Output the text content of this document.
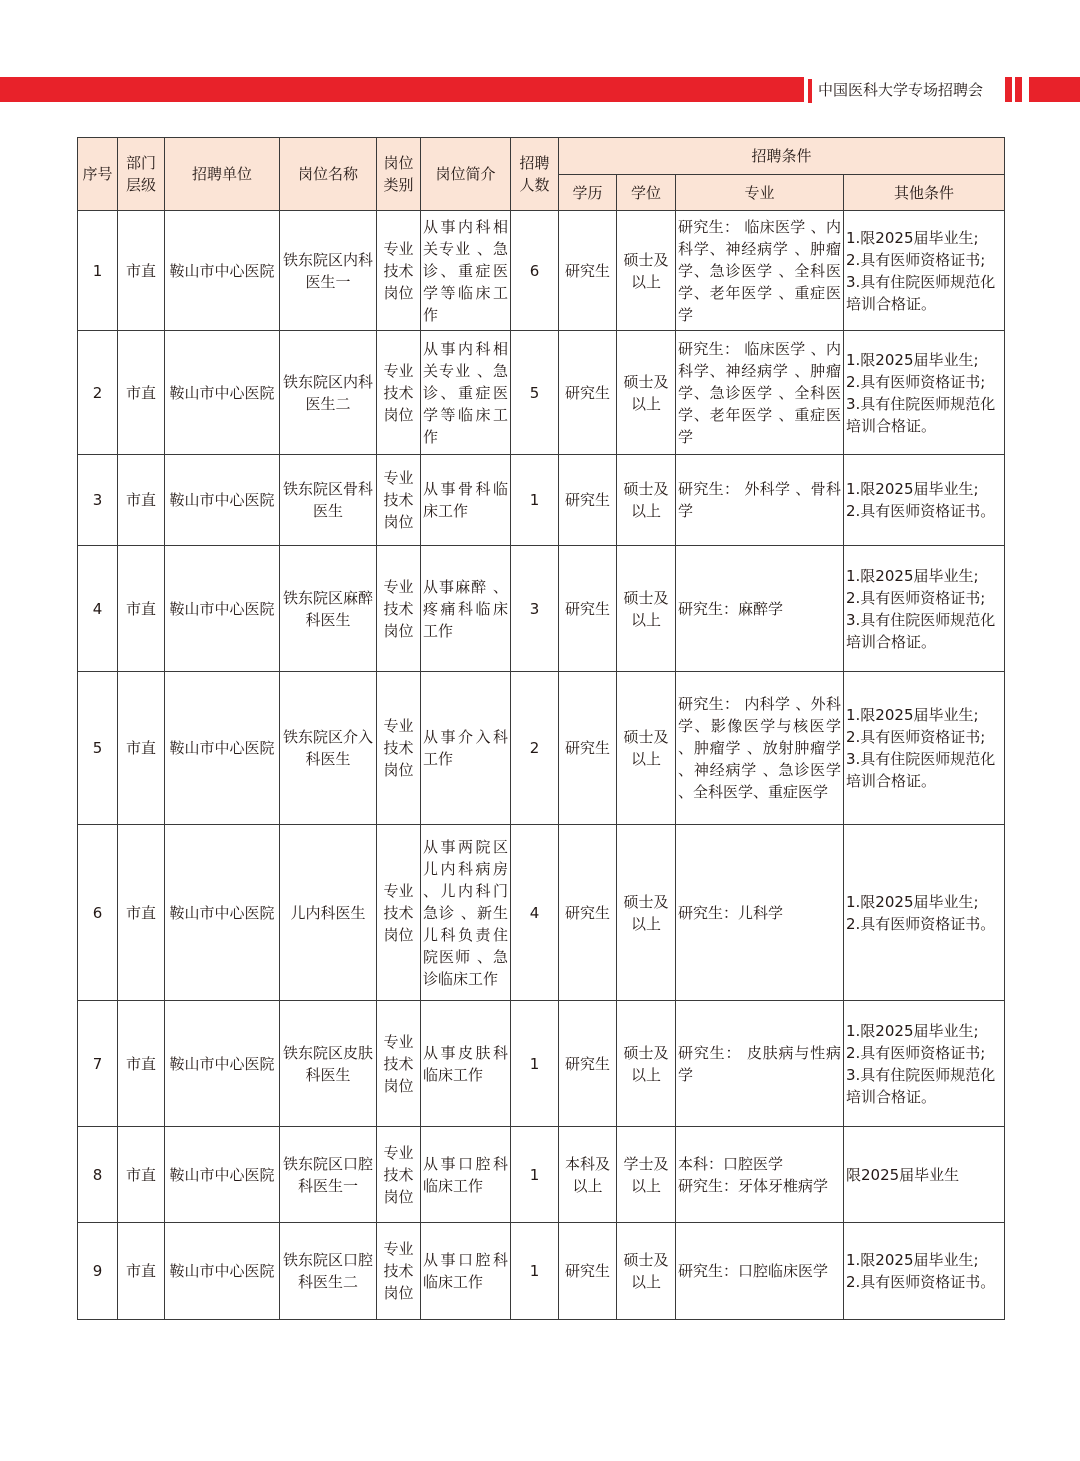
中国医科大学专场招聘会
序号	部门层级	招聘单位	岗位名称	岗位类别	岗位简介	招聘人数	招聘条件			
							学历	学位	专业	其他条件
1	市直	鞍山市中心医院	铁东院区内科医生一	专业技术岗位	从事内科相关专业 、急诊、重症医学等临床工作	6	研究生	硕士及以上	研究生： 临床医学 、内科学、神经病学 、肿瘤学、急诊医学 、全科医学、老年医学 、重症医学	1.限2025届毕业生;
2.具有医师资格证书;
3.具有住院医师规范化培训合格证。
2	市直	鞍山市中心医院	铁东院区内科医生二	专业技术岗位	从事内科相关专业 、急诊、重症医学等临床工作	5	研究生	硕士及以上	研究生： 临床医学 、内科学、神经病学 、肿瘤学、急诊医学 、全科医学、老年医学 、重症医学	1.限2025届毕业生;
2.具有医师资格证书;
3.具有住院医师规范化培训合格证。
3	市直	鞍山市中心医院	铁东院区骨科医生	专业技术岗位	从事骨科临床工作	1	研究生	硕士及以上	研究生： 外科学 、骨科学	1.限2025届毕业生;
2.具有医师资格证书。
4	市直	鞍山市中心医院	铁东院区麻醉科医生	专业技术岗位	从事麻醉 、疼痛科临床工作	3	研究生	硕士及以上	研究生：麻醉学	1.限2025届毕业生;
2.具有医师资格证书;
3.具有住院医师规范化培训合格证。
5	市直	鞍山市中心医院	铁东院区介入科医生	专业技术岗位	从事介入科工作	2	研究生	硕士及以上	研究生： 内科学 、外科学、影像医学与核医学 、肿瘤学 、放射肿瘤学 、神经病学 、急诊医学 、全科医学、重症医学	1.限2025届毕业生;
2.具有医师资格证书;
3.具有住院医师规范化培训合格证。
6	市直	鞍山市中心医院	儿内科医生	专业技术岗位	从事两院区儿内科病房 、儿内科门急诊 、新生儿科负责住院医师 、急诊临床工作	4	研究生	硕士及以上	研究生：儿科学	1.限2025届毕业生;
2.具有医师资格证书。
7	市直	鞍山市中心医院	铁东院区皮肤科医生	专业技术岗位	从事皮肤科临床工作	1	研究生	硕士及以上	研究生： 皮肤病与性病学	1.限2025届毕业生;
2.具有医师资格证书;
3.具有住院医师规范化培训合格证。
8	市直	鞍山市中心医院	铁东院区口腔科医生一	专业技术岗位	从事口腔科临床工作	1	本科及以上	学士及以上	本科：口腔医学
研究生：牙体牙椎病学	限2025届毕业生
9	市直	鞍山市中心医院	铁东院区口腔科医生二	专业技术岗位	从事口腔科临床工作	1	研究生	硕士及以上	研究生：口腔临床医学	1.限2025届毕业生;
2.具有医师资格证书。
